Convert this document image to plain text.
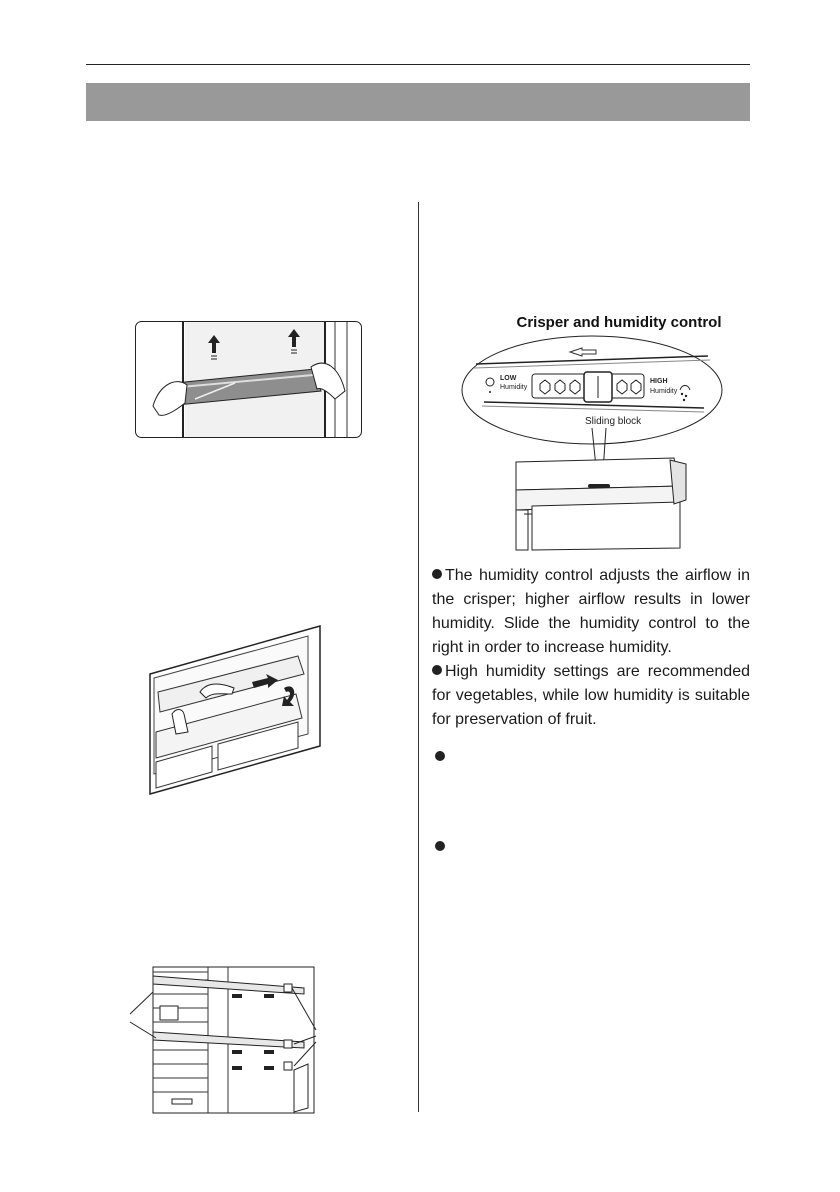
Crisper and humidity control
LOW
Humidity
HIGH
Humidity
Sliding block
The humidity control adjusts the airflow in the crisper; higher airflow results in lower humidity. Slide the humidity control to the right in order to increase humidity.
High humidity settings are recommended for vegetables, while low humidity is suitable for preservation of fruit.
